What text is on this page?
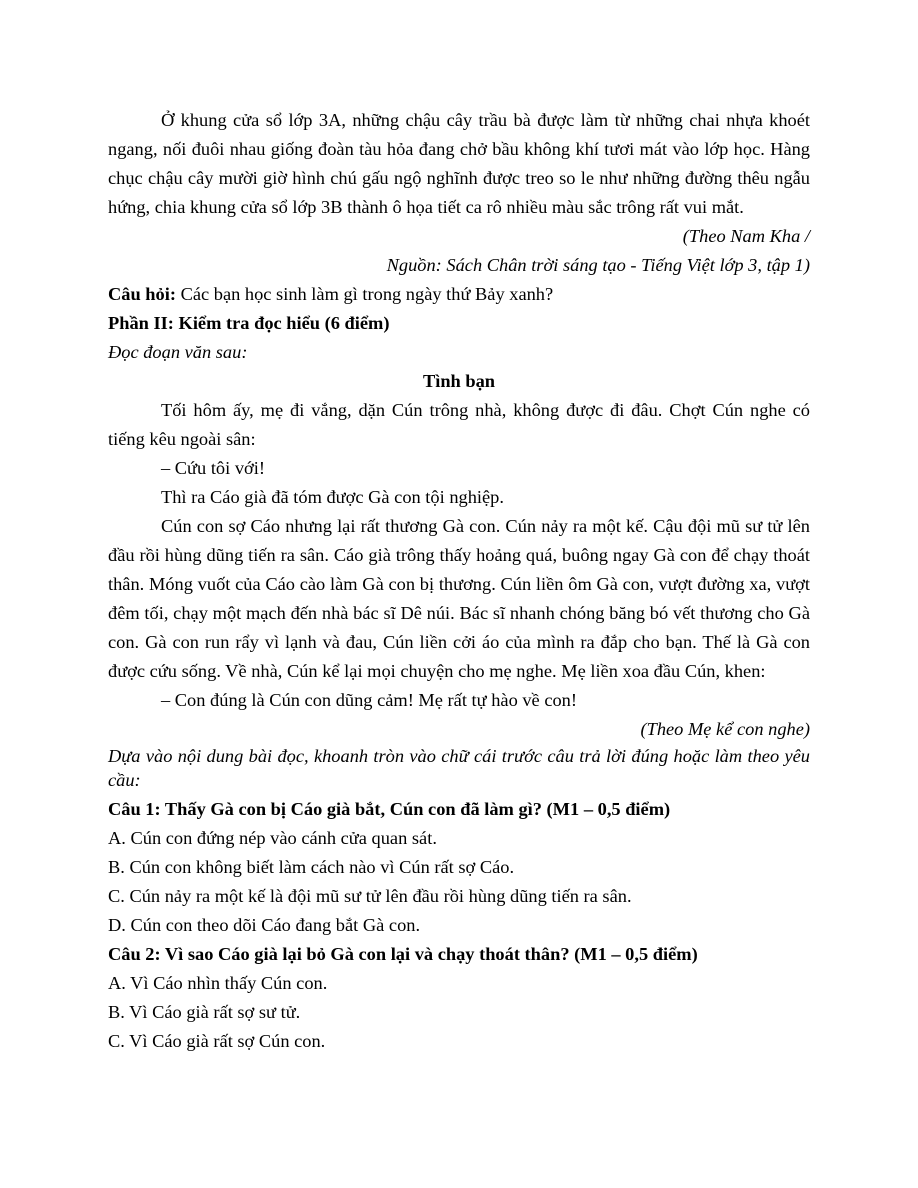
Ở khung cửa sổ lớp 3A, những chậu cây trầu bà được làm từ những chai nhựa khoét ngang, nối đuôi nhau giống đoàn tàu hỏa đang chở bầu không khí tươi mát vào lớp học. Hàng chục chậu cây mười giờ hình chú gấu ngộ nghĩnh được treo so le như những đường thêu ngẫu hứng, chia khung cửa sổ lớp 3B thành ô họa tiết ca rô nhiều màu sắc trông rất vui mắt.

(Theo Nam Kha /

Nguồn: Sách Chân trời sáng tạo - Tiếng Việt lớp 3, tập 1)

Câu hỏi: Các bạn học sinh làm gì trong ngày thứ Bảy xanh?

Phần II: Kiểm tra đọc hiểu (6 điểm)

Đọc đoạn văn sau:

Tình bạn

Tối hôm ấy, mẹ đi vắng, dặn Cún trông nhà, không được đi đâu. Chợt Cún nghe có tiếng kêu ngoài sân:

– Cứu tôi với!

Thì ra Cáo già đã tóm được Gà con tội nghiệp.

Cún con sợ Cáo nhưng lại rất thương Gà con. Cún nảy ra một kế. Cậu đội mũ sư tử lên đầu rồi hùng dũng tiến ra sân. Cáo già trông thấy hoảng quá, buông ngay Gà con để chạy thoát thân. Móng vuốt của Cáo cào làm Gà con bị thương. Cún liền ôm Gà con, vượt đường xa, vượt đêm tối, chạy một mạch đến nhà bác sĩ Dê núi. Bác sĩ nhanh chóng băng bó vết thương cho Gà con. Gà con run rẩy vì lạnh và đau, Cún liền cởi áo của mình ra đắp cho bạn. Thế là Gà con được cứu sống. Về nhà, Cún kể lại mọi chuyện cho mẹ nghe. Mẹ liền xoa đầu Cún, khen:

– Con đúng là Cún con dũng cảm! Mẹ rất tự hào về con!

(Theo Mẹ kể con nghe)

Dựa vào nội dung bài đọc, khoanh tròn vào chữ cái trước câu trả lời đúng hoặc làm theo yêu cầu:

Câu 1: Thấy Gà con bị Cáo già bắt, Cún con đã làm gì? (M1 – 0,5 điểm)

A. Cún con đứng nép vào cánh cửa quan sát.

B. Cún con không biết làm cách nào vì Cún rất sợ Cáo.

C. Cún nảy ra một kế là đội mũ sư tử lên đầu rồi hùng dũng tiến ra sân.

D. Cún con theo dõi Cáo đang bắt Gà con.

Câu 2: Vì sao Cáo già lại bỏ Gà con lại và chạy thoát thân? (M1 – 0,5 điểm)

A. Vì Cáo nhìn thấy Cún con.

B. Vì Cáo già rất sợ sư tử.

C. Vì Cáo già rất sợ Cún con.
